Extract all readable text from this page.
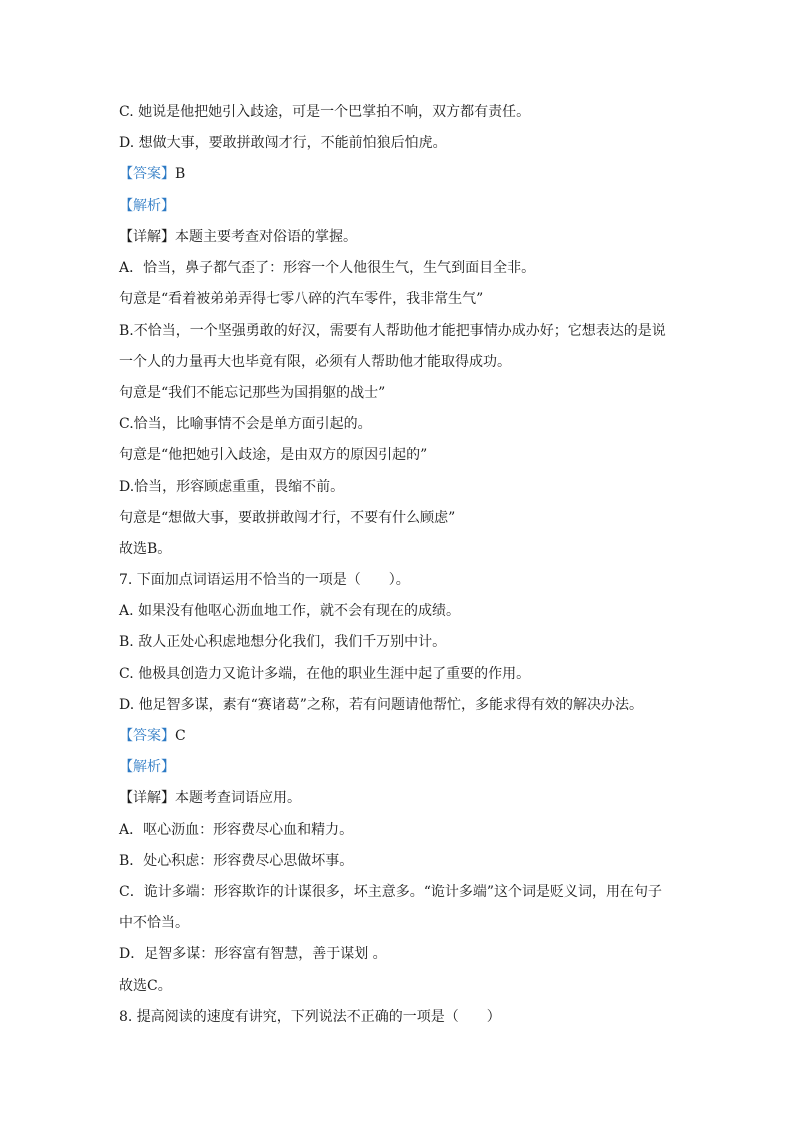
C. 她说是他把她引入歧途，可是一个巴掌拍不响，双方都有责任。
D. 想做大事，要敢拼敢闯才行，不能前怕狼后怕虎。
【答案】B
【解析】
【详解】本题主要考查对俗语的掌握。
A．恰当，鼻子都气歪了：形容一个人他很生气，生气到面目全非。
句意是“看着被弟弟弄得七零八碎的汽车零件，我非常生气”
B.不恰当，一个坚强勇敢的好汉，需要有人帮助他才能把事情办成办好；它想表达的是说
一个人的力量再大也毕竟有限，必须有人帮助他才能取得成功。
句意是“我们不能忘记那些为国捐躯的战士”
C.恰当，比喻事情不会是单方面引起的。
句意是“他把她引入歧途，是由双方的原因引起的”
D.恰当，形容顾虑重重，畏缩不前。
句意是“想做大事，要敢拼敢闯才行，不要有什么顾虑”
故选B。
7. 下面加点词语运用不恰当的一项是（　　）。
A. 如果没有他呕心沥血地工作，就不会有现在的成绩。
B. 敌人正处心积虑地想分化我们，我们千万别中计。
C. 他极具创造力又诡计多端，在他的职业生涯中起了重要的作用。
D. 他足智多谋，素有“赛诸葛”之称，若有问题请他帮忙，多能求得有效的解决办法。
【答案】C
【解析】
【详解】本题考查词语应用。
A．呕心沥血：形容费尽心血和精力。
B．处心积虑：形容费尽心思做坏事。
C．诡计多端：形容欺诈的计谋很多，坏主意多。“诡计多端”这个词是贬义词，用在句子
中不恰当。
D．足智多谋：形容富有智慧，善于谋划 。
故选C。
8. 提高阅读的速度有讲究，下列说法不正确的一项是（　　）
